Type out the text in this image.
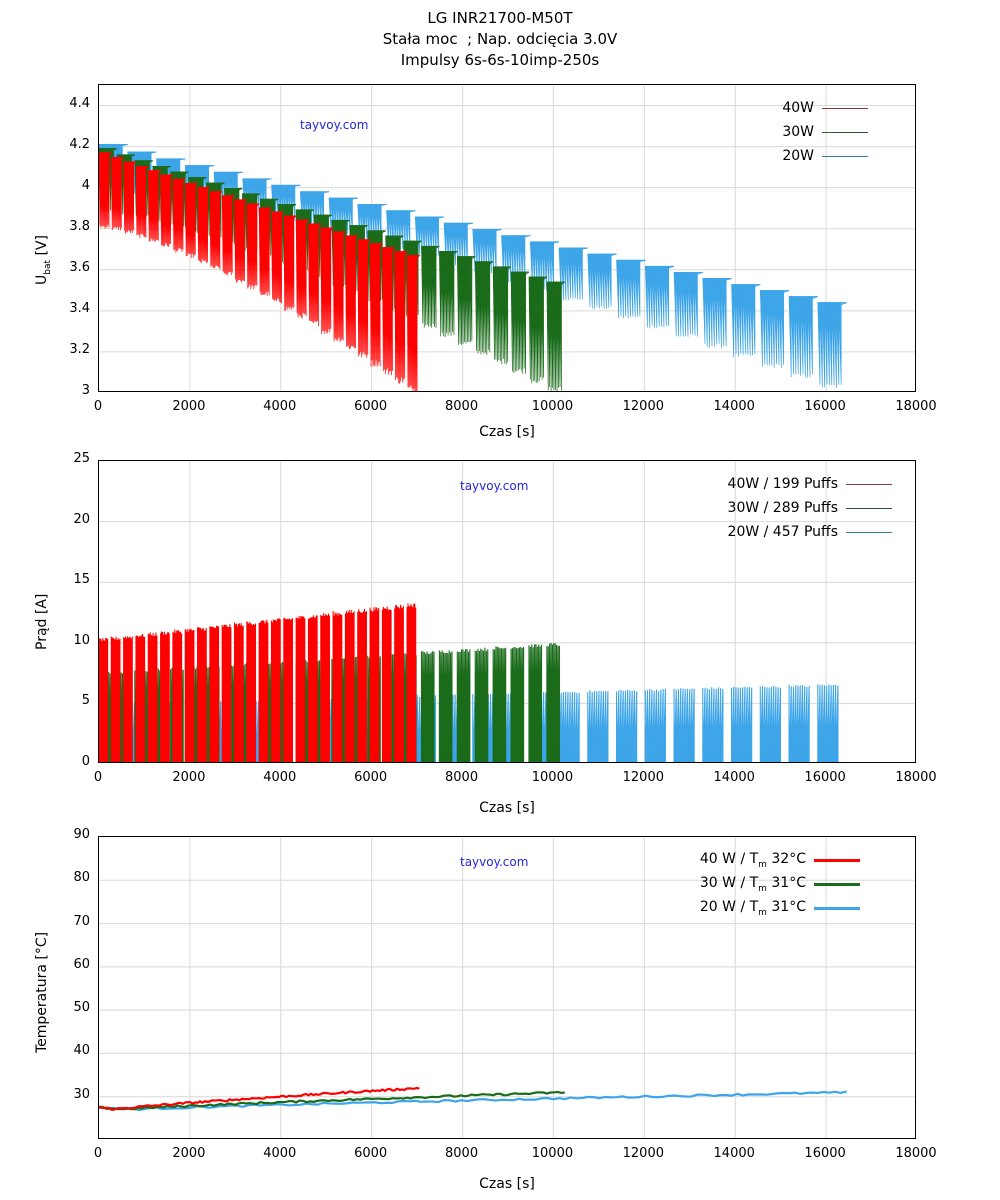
LG INR21700-M50T
Stała moc  ; Nap. odcięcia 3.0V
Impulsy 6s-6s-10imp-250s
tayvoy.com
$U_{bat}$ [V]
Czas [s]
40W
30W
20W
tayvoy.com
Prąd [A]
Czas [s]
40W / 199 Puffs
30W / 289 Puffs
20W / 457 Puffs
tayvoy.com
Temperatura [°C]
Czas [s]
40 W / $T_m$ 32°C
30 W / $T_m$ 31°C
20 W / $T_m$ 31°C
0	2000	4000	6000	8000	10000	12000	14000	16000	18000
3
3.2
3.4
3.6
3.8
4
4.2
4.4
0	2000	4000	6000	8000	10000	12000	14000	16000	18000
0
5
10
15
20
25
0	2000	4000	6000	8000	10000	12000	14000	16000	18000
30
40
50
60
70
80
90
